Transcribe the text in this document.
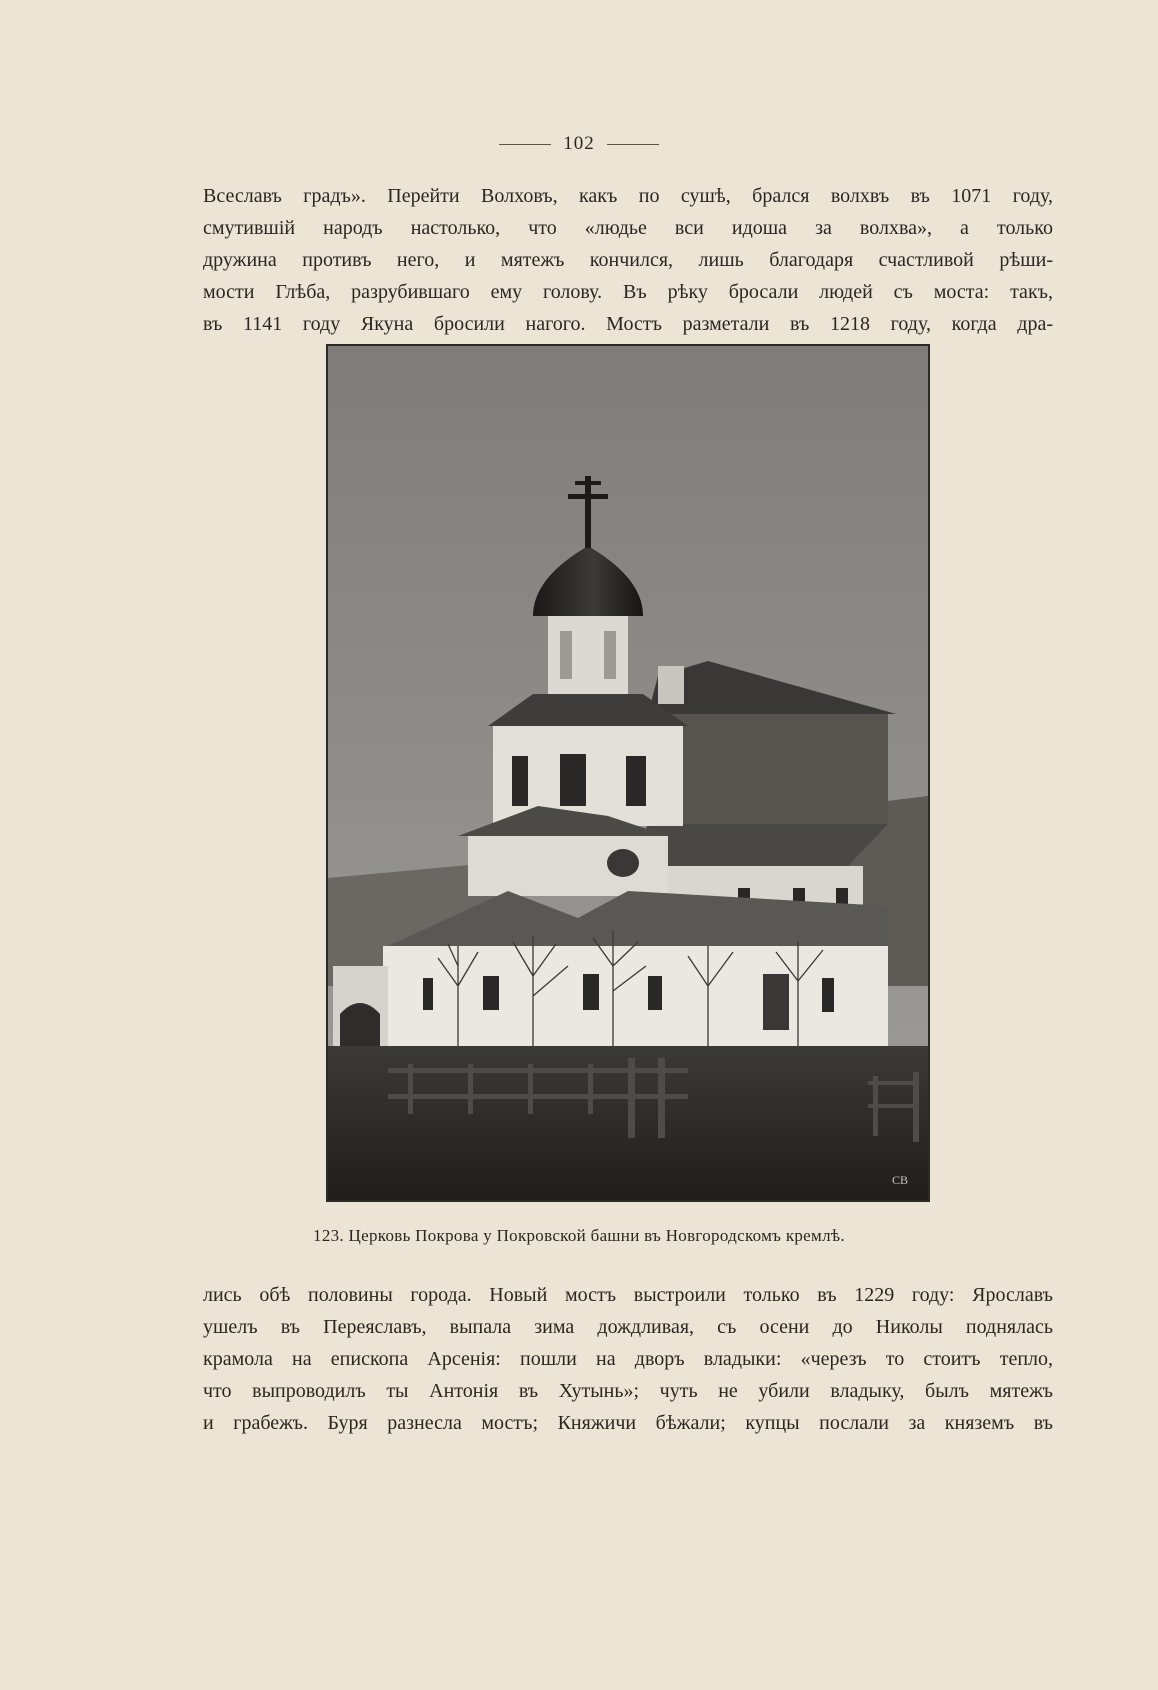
102
Всеславъ градъ». Перейти Волховъ, какъ по сушѣ, брался волхвъ въ 1071 году,
смутившій народъ настолько, что «людье вси идоша за волхва», а только
дружина противъ него, и мятежъ кончился, лишь благодаря счастливой рѣши-
мости Глѣба, разрубившаго ему голову. Въ рѣку бросали людей съ моста: такъ,
въ 1141 году Якуна бросили нагого. Мостъ разметали въ 1218 году, когда дра-
СВ
123. Церковь Покрова у Покровской башни въ Новгородскомъ кремлѣ.
лись обѣ половины города. Новый мостъ выстроили только въ 1229 году: Ярославъ
ушелъ въ Переяславъ, выпала зима дождливая, съ осени до Николы поднялась
крамола на епископа Арсенія: пошли на дворъ владыки: «черезъ то стоитъ тепло,
что выпроводилъ ты Антонія въ Хутынь»; чуть не убили владыку, былъ мятежъ
и грабежъ. Буря разнесла мостъ; Княжичи бѣжали; купцы послали за княземъ въ
